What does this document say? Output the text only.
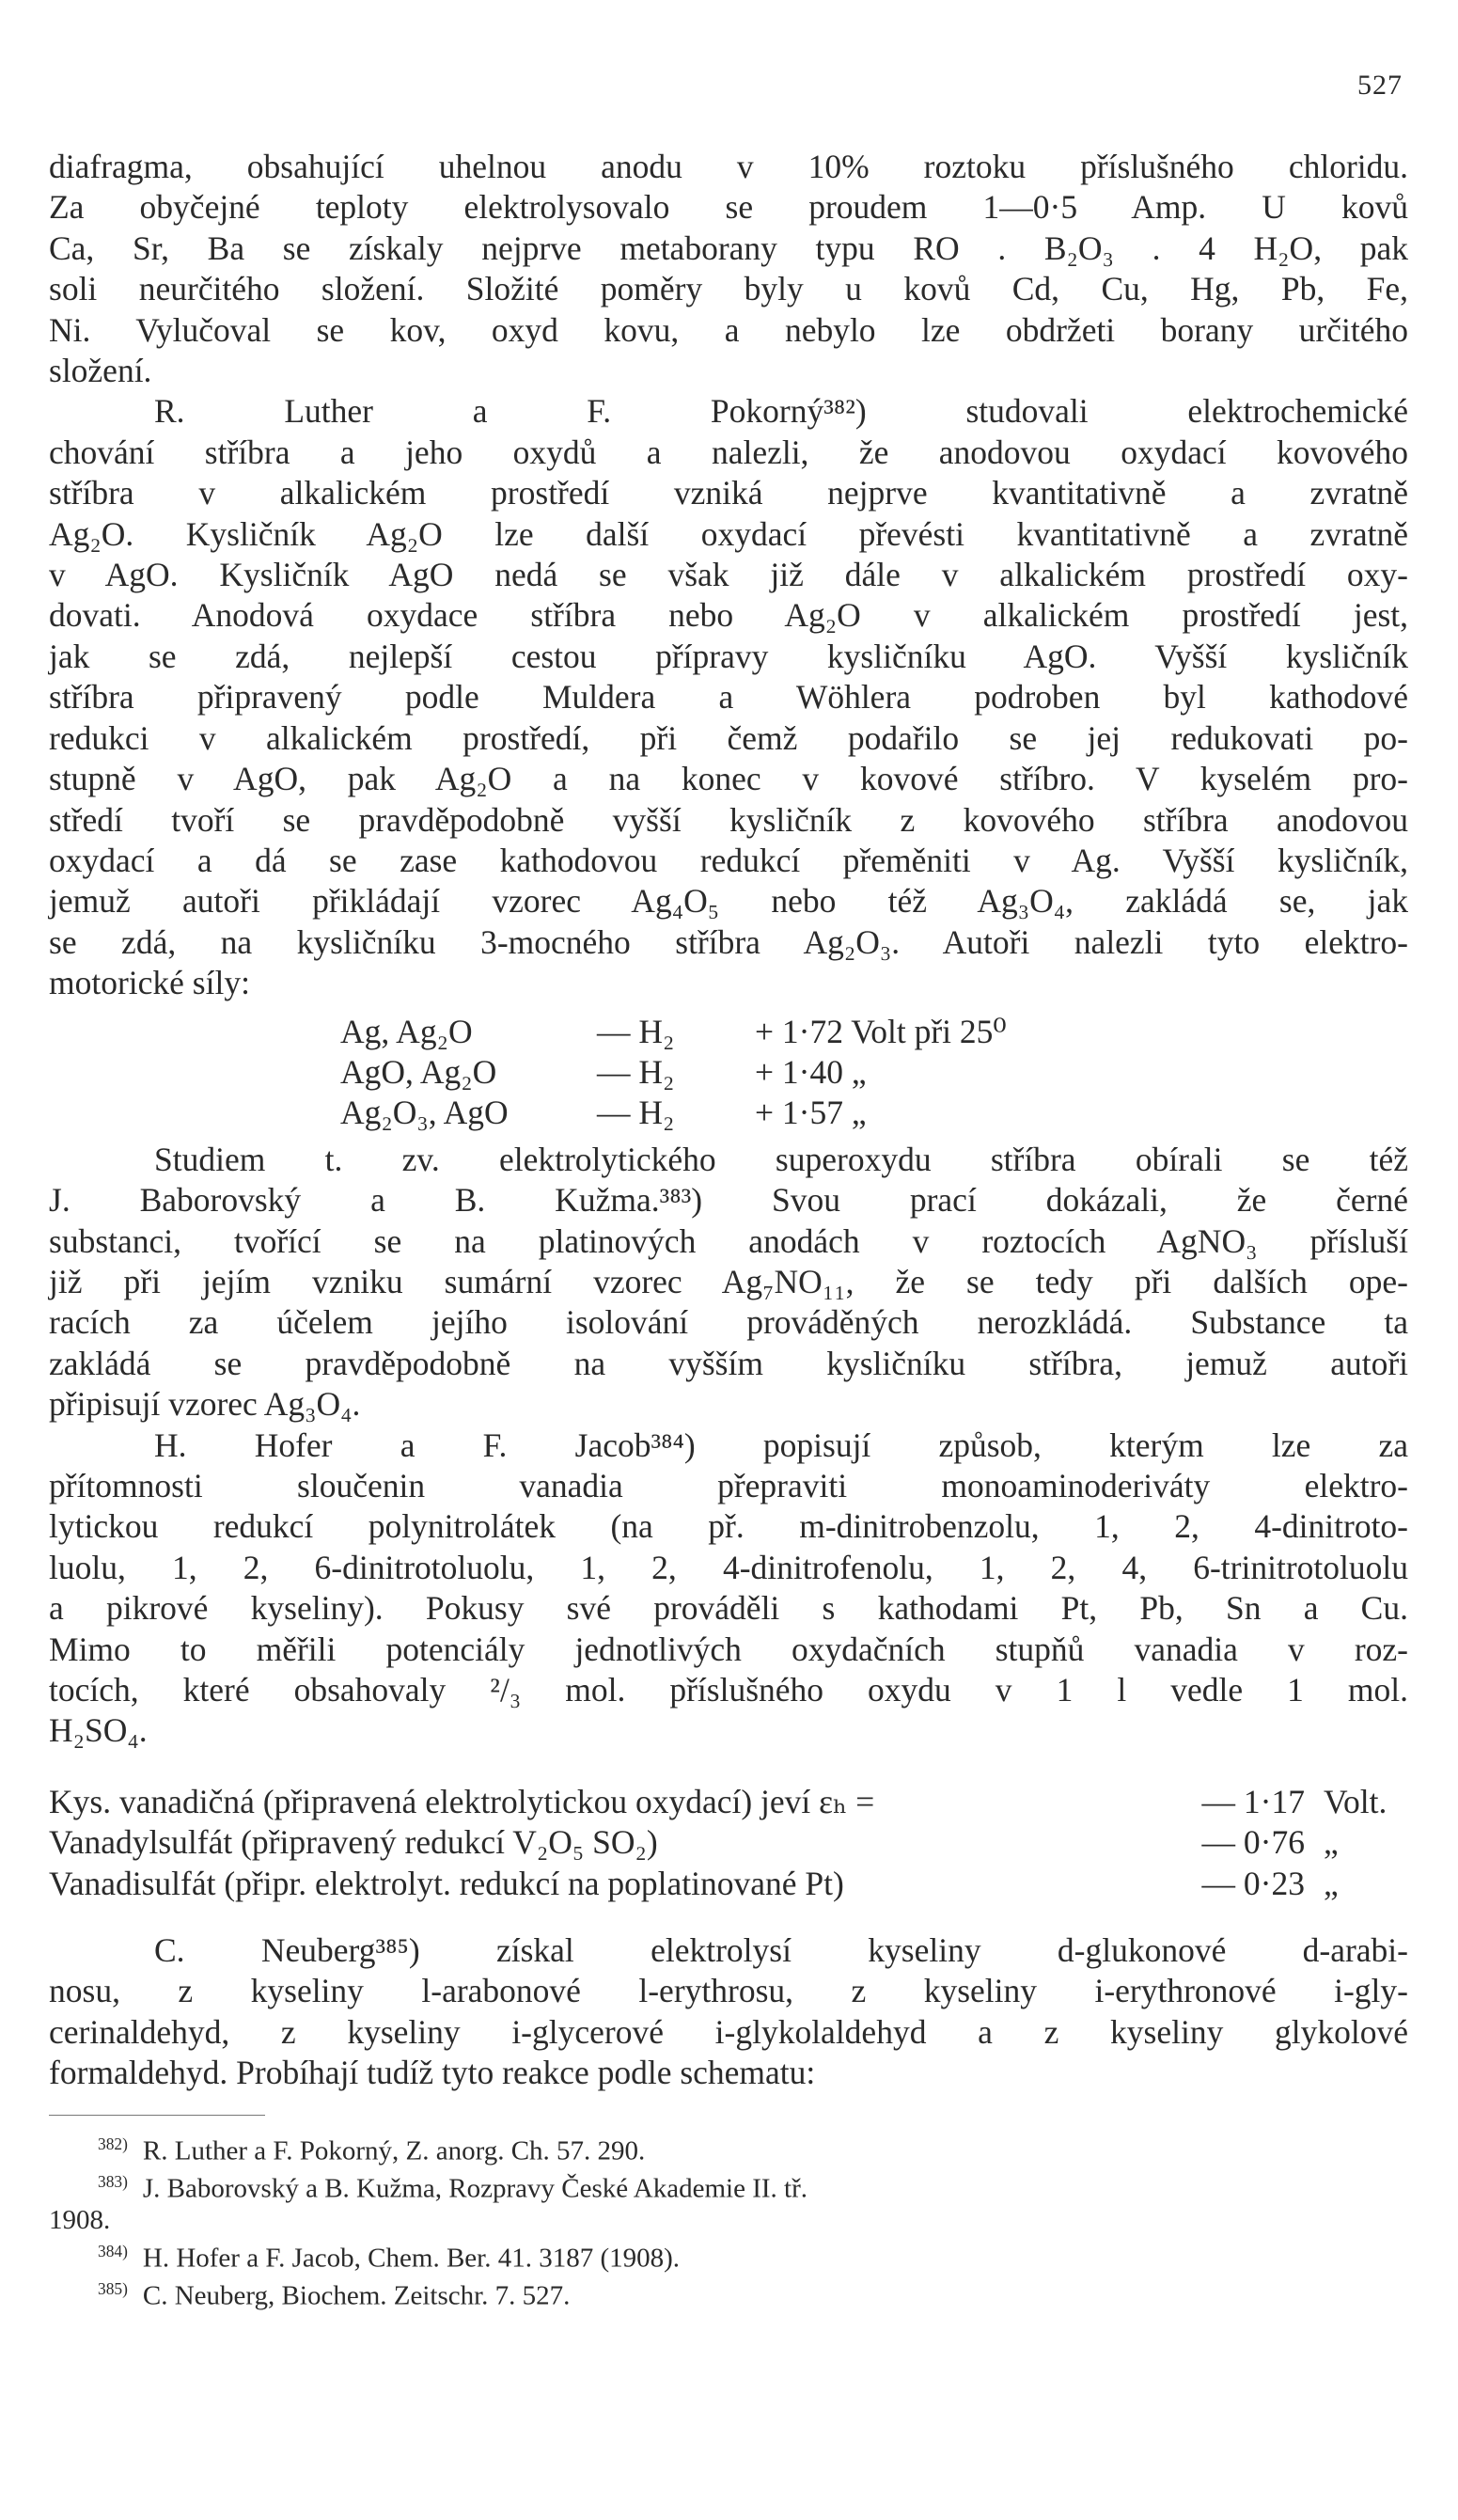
527

diafragma, obsahující uhelnou anodu v 10% roztoku příslušného chloridu.
Za obyčejné teploty elektrolysovalo se proudem 1—0·5 Amp. U kovů
Ca, Sr, Ba se získaly nejprve metaborany typu RO . B₂O₃ . 4 H₂O, pak
soli neurčitého složení. Složité poměry byly u kovů Cd, Cu, Hg, Pb, Fe,
Ni. Vylučoval se kov, oxyd kovu, a nebylo lze obdržeti borany určitého
složení.

R. Luther a F. Pokorný³⁸²) studovali elektrochemické
chování stříbra a jeho oxydů a nalezli, že anodovou oxydací kovového
stříbra v alkalickém prostředí vzniká nejprve kvantitativně a zvratně
Ag₂O. Kysličník Ag₂O lze další oxydací převésti kvantitativně a zvratně
v AgO. Kysličník AgO nedá se však již dále v alkalickém prostředí oxy-
dovati. Anodová oxydace stříbra nebo Ag₂O v alkalickém prostředí jest,
jak se zdá, nejlepší cestou přípravy kysličníku AgO. Vyšší kysličník
stříbra připravený podle Muldera a Wöhlera podroben byl kathodové
redukci v alkalickém prostředí, při čemž podařilo se jej redukovati po-
stupně v AgO, pak Ag₂O a na konec v kovové stříbro. V kyselém pro-
středí tvoří se pravděpodobně vyšší kysličník z kovového stříbra anodovou
oxydací a dá se zase kathodovou redukcí přeměniti v Ag. Vyšší kysličník,
jemuž autoři přikládají vzorec Ag₄O₅ nebo též Ag₃O₄, zakládá se, jak
se zdá, na kysličníku 3-mocného stříbra Ag₂O₃. Autoři nalezli tyto elektro-
motorické síly:

Ag, Ag₂O	— H₂	+ 1·72 Volt při 25⁰
AgO, Ag₂O	— H₂	+ 1·40 „
Ag₂O₃, AgO	— H₂	+ 1·57 „

Studiem t. zv. elektrolytického superoxydu stříbra obírali se též
J. Baborovský a B. Kužma.³⁸³) Svou prací dokázali, že černé
substanci, tvořící se na platinových anodách v roztocích AgNO₃ přísluší
již při jejím vzniku sumární vzorec Ag₇NO₁₁, že se tedy při dalších ope-
racích za účelem jejího isolování prováděných nerozkládá. Substance ta
zakládá se pravděpodobně na vyšším kysličníku stříbra, jemuž autoři
připisují vzorec Ag₃O₄.

H. Hofer a F. Jacob³⁸⁴) popisují způsob, kterým lze za
přítomnosti sloučenin vanadia přepraviti monoaminoderiváty elektro-
lytickou redukcí polynitrolátek (na př. m-dinitrobenzolu, 1, 2, 4-dinitroto-
luolu, 1, 2, 6-dinitrotoluolu, 1, 2, 4-dinitrofenolu, 1, 2, 4, 6-trinitrotoluolu
a pikrové kyseliny). Pokusy své prováděli s kathodami Pt, Pb, Sn a Cu.
Mimo to měřili potenciály jednotlivých oxydačních stupňů vanadia v roz-
tocích, které obsahovaly ²/₃ mol. příslušného oxydu v 1 l vedle 1 mol.
H₂SO₄.

Kys. vanadičná (připravená elektrolytickou oxydací) jeví εₕ =	— 1·17	Volt.
Vanadylsulfát (připravený redukcí V₂O₅ SO₂)	— 0·76	„
Vanadisulfát (připr. elektrolyt. redukcí na poplatinované Pt)	— 0·23	„

C. Neuberg³⁸⁵) získal elektrolysí kyseliny d-glukonové d-arabi-
nosu, z kyseliny l-arabonové l-erythrosu, z kyseliny i-erythronové i-gly-
cerinaldehyd, z kyseliny i-glycerové i-glykolaldehyd a z kyseliny glykolové
formaldehyd. Probíhají tudíž tyto reakce podle schematu:

$^{382)}$ R. Luther a F. Pokorný, Z. anorg. Ch. 57. 290.
$^{383)}$ J. Baborovský a B. Kužma, Rozpravy České Akademie II. tř.
1908.
$^{384)}$ H. Hofer a F. Jacob, Chem. Ber. 41. 3187 (1908).
$^{385)}$ C. Neuberg, Biochem. Zeitschr. 7. 527.
